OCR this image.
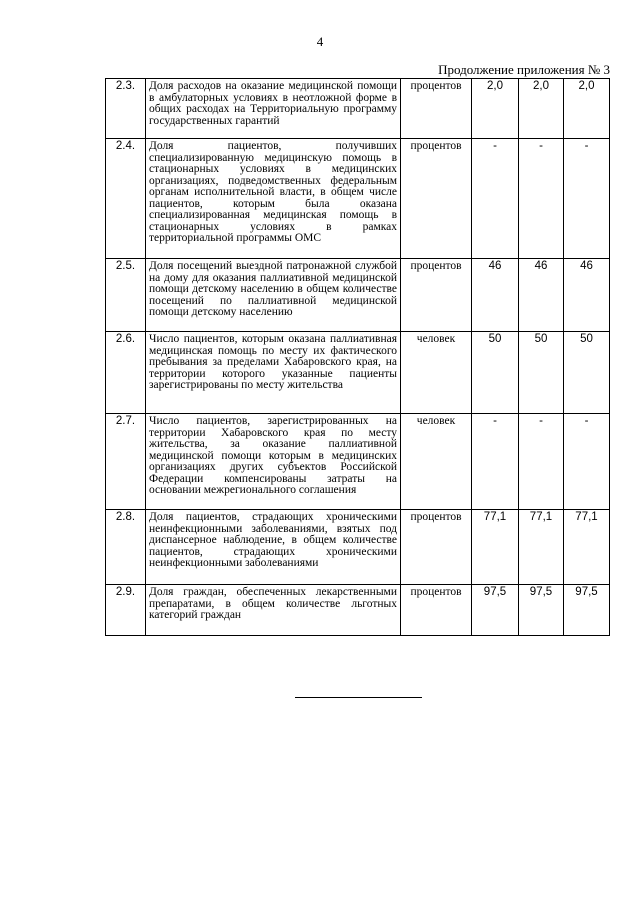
4
Продолжение приложения № 3
2.3.	Доля расходов на оказание медицинской помощи в амбулаторных условиях в неотложной форме в общих расходах на Территориальную программу государственных гарантий	процентов	2,0	2,0	2,0
2.4.	Доля пациентов, получивших специализированную медицинскую помощь в стационарных условиях в медицинских организациях, подведомственных федеральным органам исполнительной власти, в общем числе пациентов, которым была оказана специализированная медицинская помощь в стационарных условиях в рамках территориальной программы ОМС	процентов	-	-	-
2.5.	Доля посещений выездной патронажной службой на дому для оказания паллиативной медицинской помощи детскому населению в общем количестве посещений по паллиативной медицинской помощи детскому населению	процентов	46	46	46
2.6.	Число пациентов, которым оказана паллиативная медицинская помощь по месту их фактического пребывания за пределами Хабаровского края, на территории которого указанные пациенты зарегистрированы по месту жительства	человек	50	50	50
2.7.	Число пациентов, зарегистрированных на территории Хабаровского края по месту жительства, за оказание паллиативной медицинской помощи которым в медицинских организациях других субъектов Российской Федерации компенсированы затраты на основании межрегионального соглашения	человек	-	-	-
2.8.	Доля пациентов, страдающих хроническими неинфекционными заболеваниями, взятых под диспансерное наблюдение, в общем количестве пациентов, страдающих хроническими неинфекционными заболеваниями	процентов	77,1	77,1	77,1
2.9.	Доля граждан, обеспеченных лекарственными препаратами, в общем количестве льготных категорий граждан	процентов	97,5	97,5	97,5
